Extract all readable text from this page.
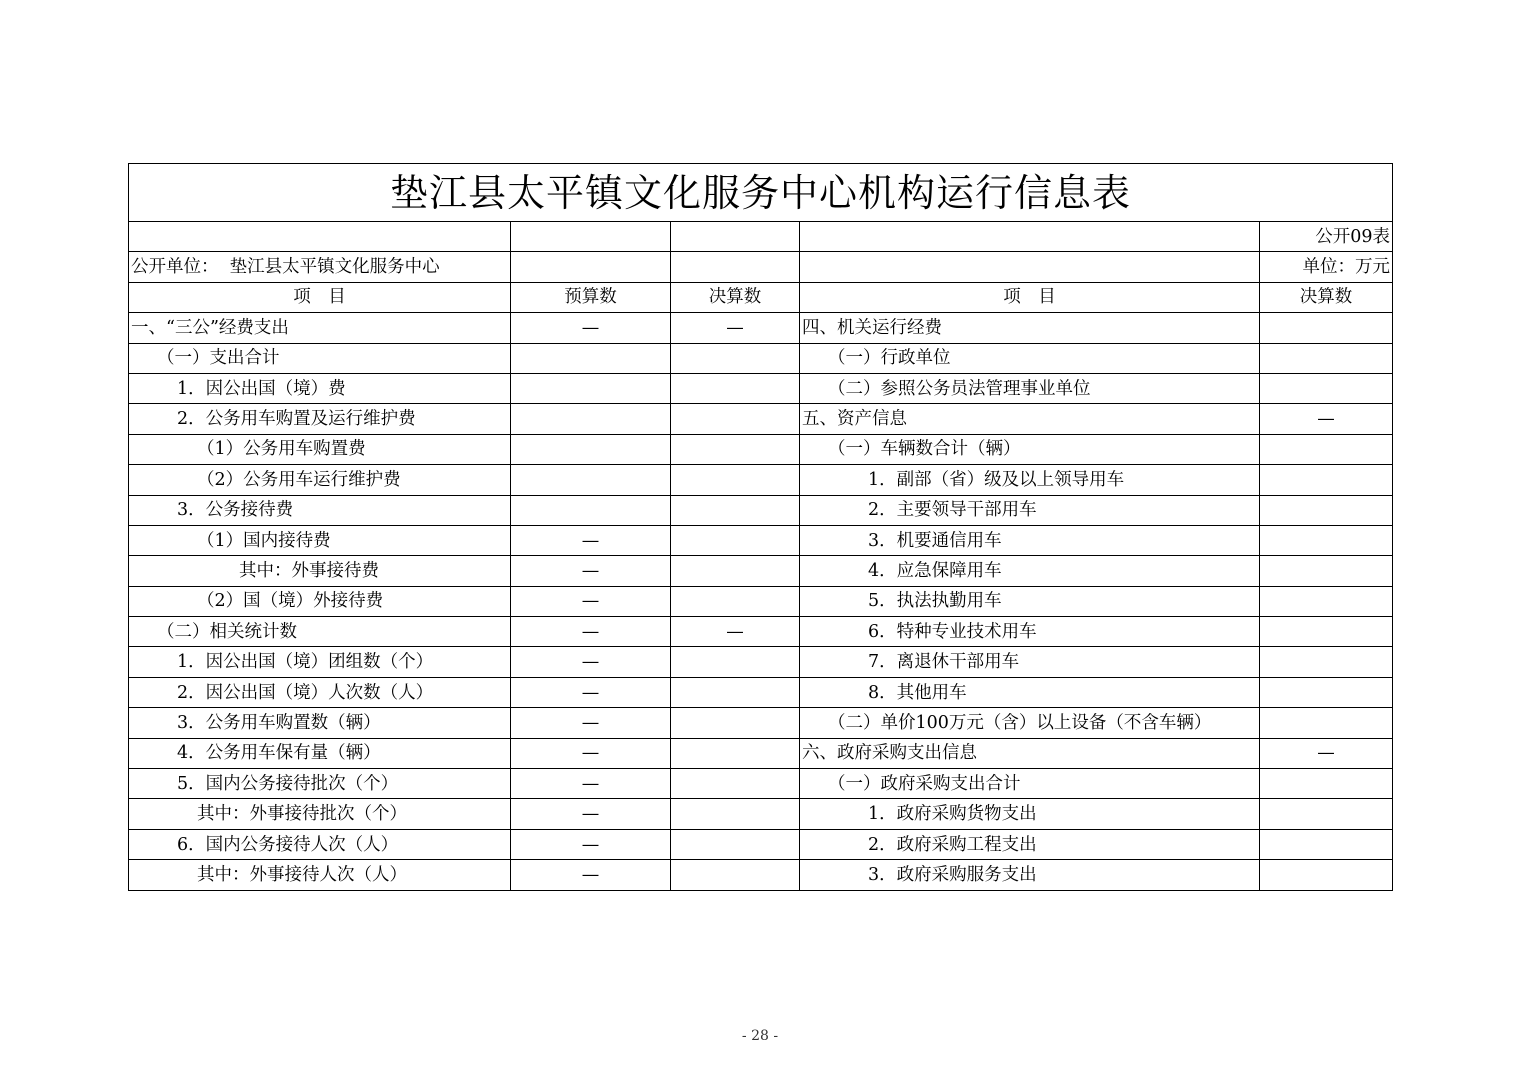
垫江县太平镇文化服务中心机构运行信息表				
				公开09表
公开单位： 垫江县太平镇文化服务中心				单位：万元
项　目	预算数	决算数	项　目	决算数
一、“三公”经费支出	—	—	四、机关运行经费	
（一）支出合计			（一）行政单位	
1．因公出国（境）费			（二）参照公务员法管理事业单位	
2．公务用车购置及运行维护费			五、资产信息	—
（1）公务用车购置费			（一）车辆数合计（辆）	
（2）公务用车运行维护费			1．副部（省）级及以上领导用车	
3．公务接待费			2．主要领导干部用车	
（1）国内接待费	—		3．机要通信用车	
其中：外事接待费	—		4．应急保障用车	
（2）国（境）外接待费	—		5．执法执勤用车	
（二）相关统计数	—	—	6．特种专业技术用车	
1．因公出国（境）团组数（个）	—		7．离退休干部用车	
2．因公出国（境）人次数（人）	—		8．其他用车	
3．公务用车购置数（辆）	—		（二）单价100万元（含）以上设备（不含车辆）	
4．公务用车保有量（辆）	—		六、政府采购支出信息	—
5．国内公务接待批次（个）	—		（一）政府采购支出合计	
其中：外事接待批次（个）	—		1．政府采购货物支出	
6．国内公务接待人次（人）	—		2．政府采购工程支出	
其中：外事接待人次（人）	—		3．政府采购服务支出	
- 28 -
